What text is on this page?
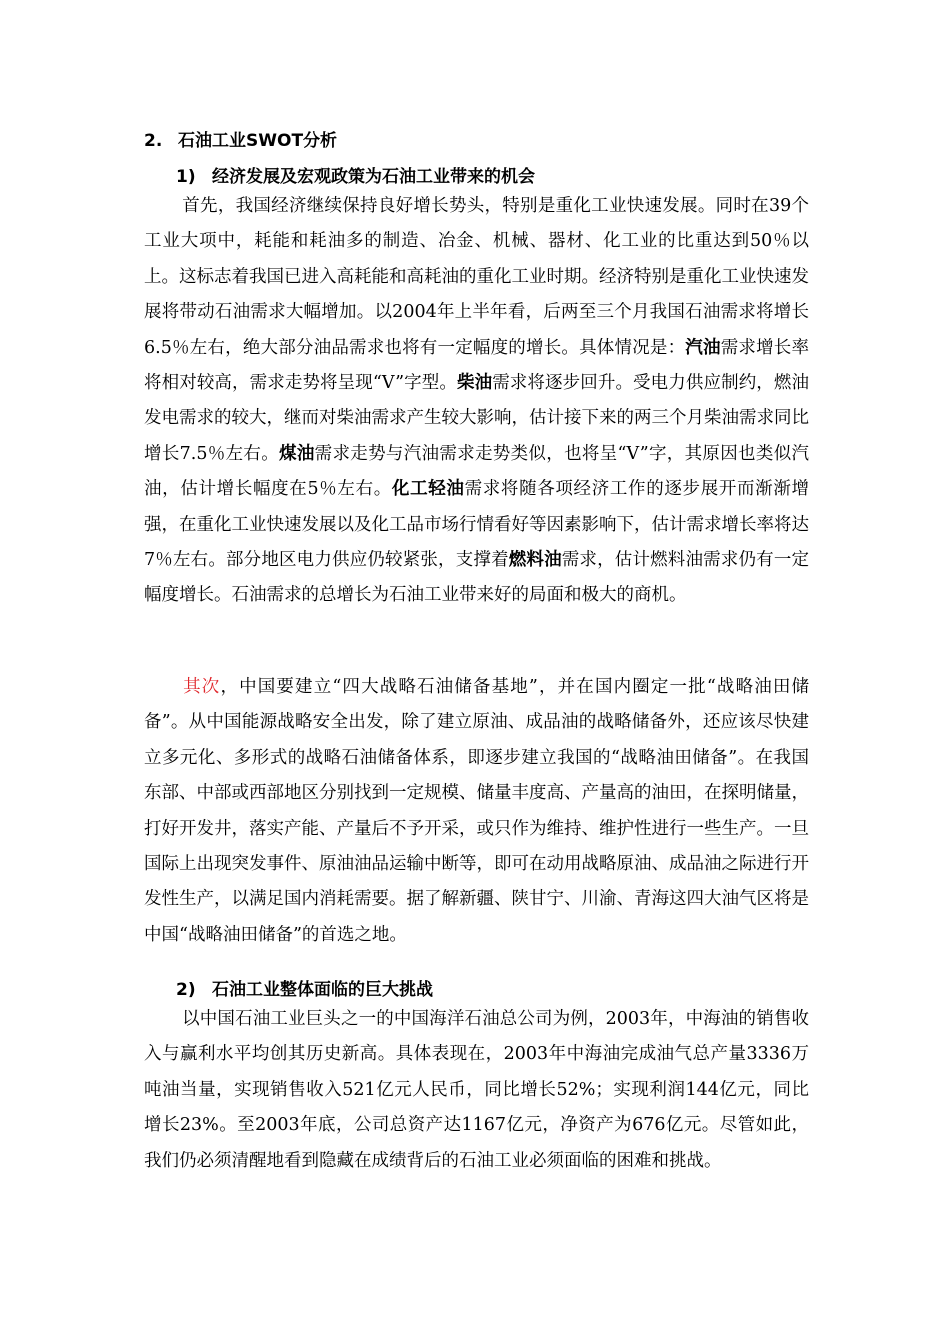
2. 石油工业SWOT分析
1) 经济发展及宏观政策为石油工业带来的机会

首先，我国经济继续保持良好增长势头，特别是重化工业快速发展。同时在39个工业大项中，耗能和耗油多的制造、冶金、机械、器材、化工业的比重达到50％以上。这标志着我国已进入高耗能和高耗油的重化工业时期。经济特别是重化工业快速发展将带动石油需求大幅增加。以2004年上半年看，后两至三个月我国石油需求将增长6.5％左右，绝大部分油品需求也将有一定幅度的增长。具体情况是：汽油需求增长率将相对较高，需求走势将呈现“V”字型。柴油需求将逐步回升。受电力供应制约，燃油发电需求的较大，继而对柴油需求产生较大影响，估计接下来的两三个月柴油需求同比增长7.5％左右。煤油需求走势与汽油需求走势类似，也将呈“V”字，其原因也类似汽油，估计增长幅度在5％左右。化工轻油需求将随各项经济工作的逐步展开而渐渐增强，在重化工业快速发展以及化工品市场行情看好等因素影响下，估计需求增长率将达7％左右。部分地区电力供应仍较紧张，支撑着燃料油需求，估计燃料油需求仍有一定幅度增长。石油需求的总增长为石油工业带来好的局面和极大的商机。

其次，中国要建立“四大战略石油储备基地”，并在国内圈定一批“战略油田储备”。从中国能源战略安全出发，除了建立原油、成品油的战略储备外，还应该尽快建立多元化、多形式的战略石油储备体系，即逐步建立我国的“战略油田储备”。在我国东部、中部或西部地区分别找到一定规模、储量丰度高、产量高的油田，在探明储量，打好开发井，落实产能、产量后不予开采，或只作为维持、维护性进行一些生产。一旦国际上出现突发事件、原油油品运输中断等，即可在动用战略原油、成品油之际进行开发性生产，以满足国内消耗需要。据了解新疆、陕甘宁、川渝、青海这四大油气区将是中国“战略油田储备”的首选之地。

2) 石油工业整体面临的巨大挑战

以中国石油工业巨头之一的中国海洋石油总公司为例，2003年，中海油的销售收入与赢利水平均创其历史新高。具体表现在，2003年中海油完成油气总产量3336万吨油当量，实现销售收入521亿元人民币，同比增长52%；实现利润144亿元，同比增长23%。至2003年底，公司总资产达1167亿元，净资产为676亿元。尽管如此，我们仍必须清醒地看到隐藏在成绩背后的石油工业必须面临的困难和挑战。
